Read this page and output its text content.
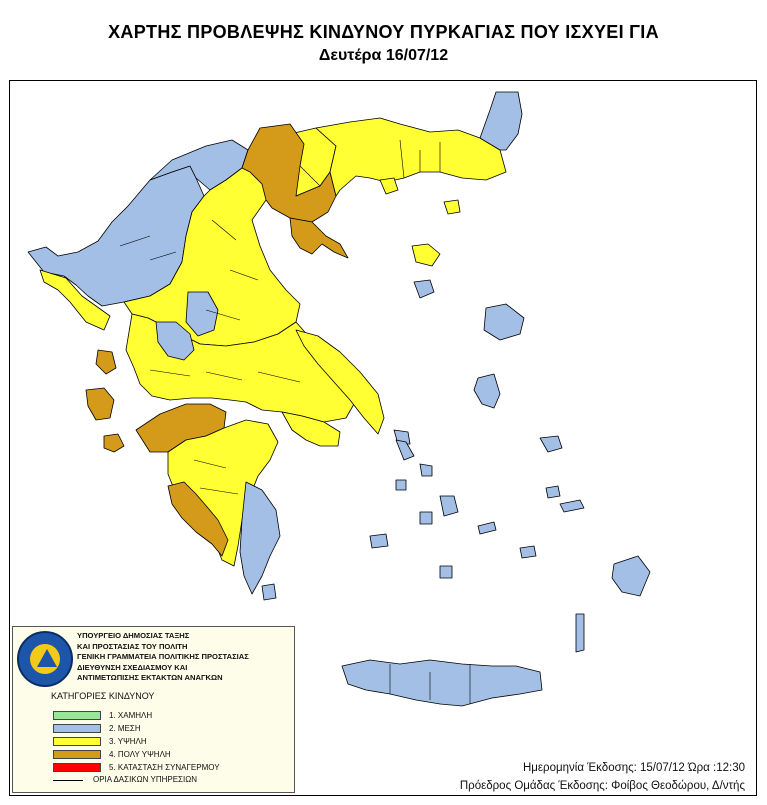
ΧΑΡΤΗΣ ΠΡΟΒΛΕΨΗΣ ΚΙΝΔΥΝΟΥ ΠΥΡΚΑΓΙΑΣ ΠΟΥ ΙΣΧΥΕΙ ΓΙΑ
Δευτέρα 16/07/12
ΥΠΟΥΡΓΕΙΟ ΔΗΜΟΣΙΑΣ ΤΑΞΗΣ
ΚΑΙ ΠΡΟΣΤΑΣΙΑΣ ΤΟΥ ΠΟΛΙΤΗ
ΓΕΝΙΚΗ ΓΡΑΜΜΑΤΕΙΑ ΠΟΛΙΤΙΚΗΣ ΠΡΟΣΤΑΣΙΑΣ
ΔΙΕΥΘΥΝΣΗ ΣΧΕΔΙΑΣΜΟΥ ΚΑΙ
ΑΝΤΙΜΕΤΩΠΙΣΗΣ ΕΚΤΑΚΤΩΝ ΑΝΑΓΚΩΝ
ΚΑΤΗΓΟΡΙΕΣ ΚΙΝΔΥΝΟΥ
1. ΧΑΜΗΛΗ
2. ΜΕΣΗ
3. ΥΨΗΛΗ
4. ΠΟΛΥ ΥΨΗΛΗ
5. ΚΑΤΑΣΤΑΣΗ ΣΥΝΑΓΕΡΜΟΥ
ΟΡΙΑ ΔΑΣΙΚΩΝ ΥΠΗΡΕΣΙΩΝ
Ημερομηνία Έκδοσης: 15/07/12 Ώρα :12:30
Πρόεδρος Ομάδας Έκδοσης: Φοίβος Θεοδώρου, Δ/ντής
